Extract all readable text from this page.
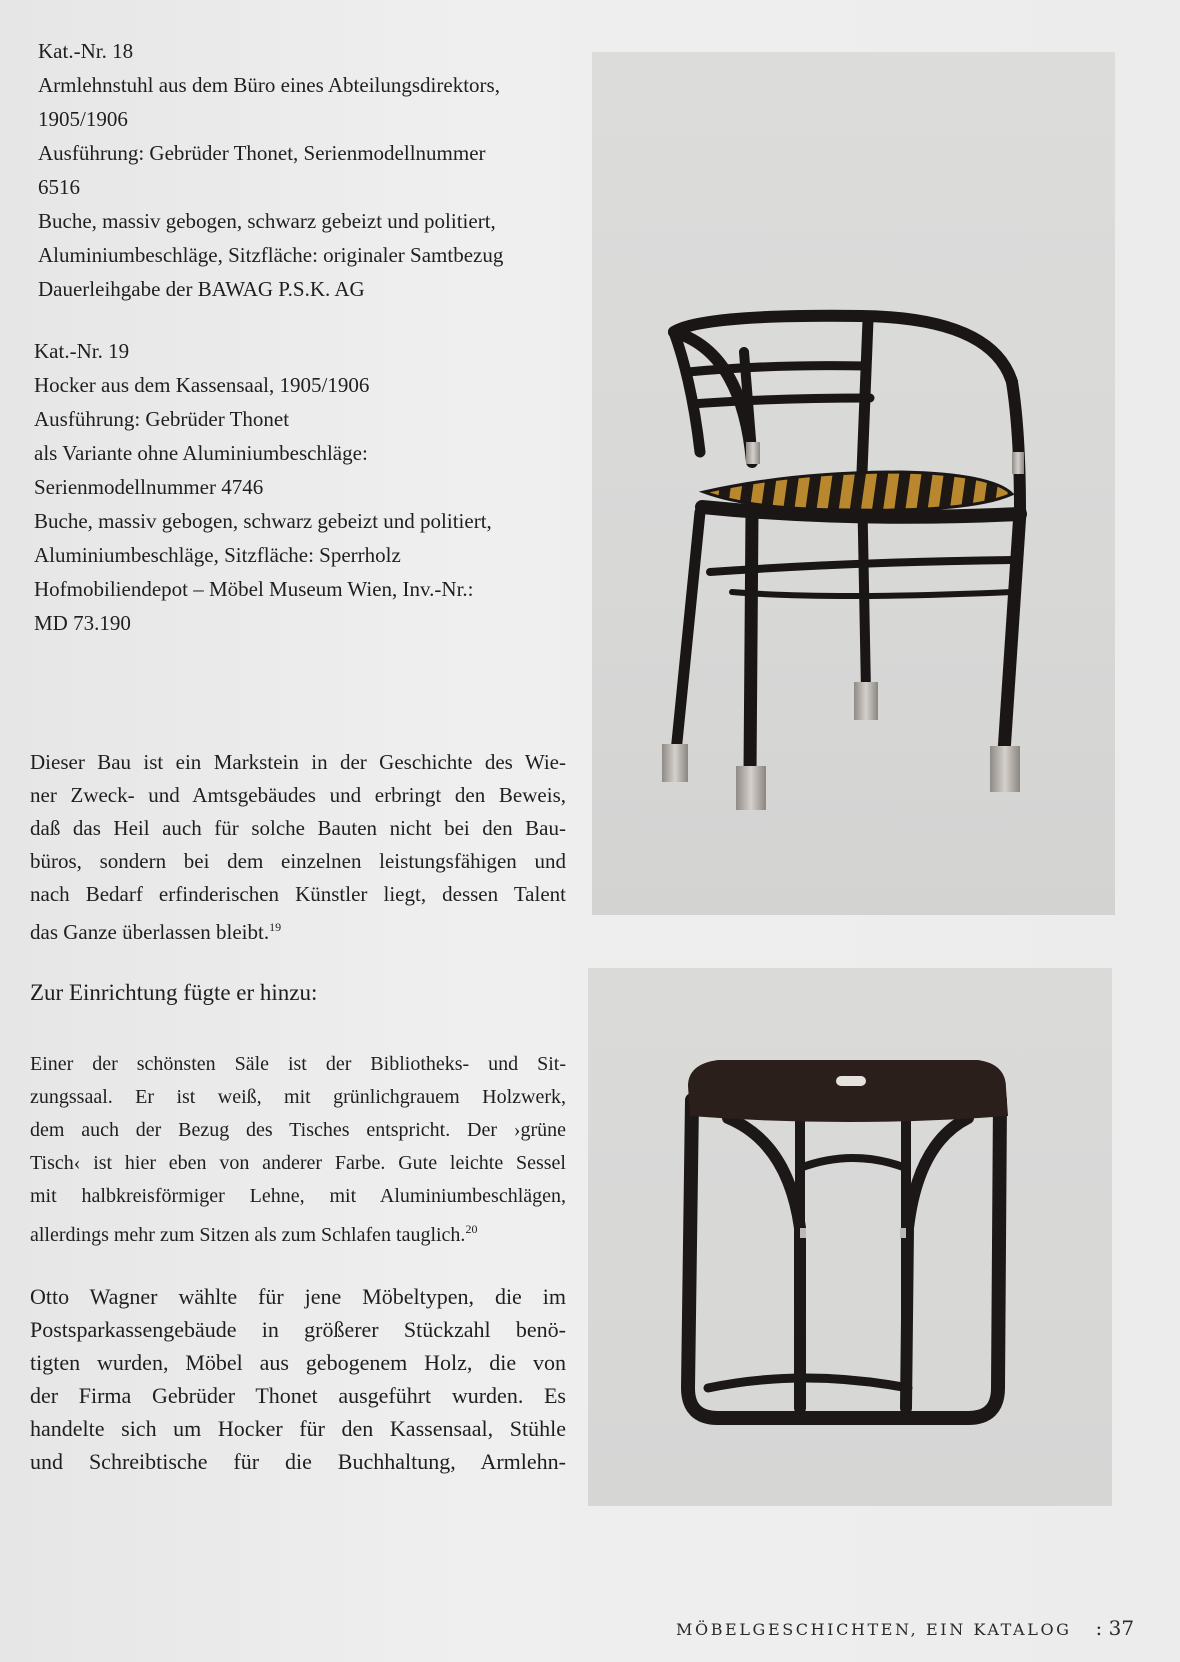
Kat.-Nr. 18
Armlehnstuhl aus dem Büro eines Abteilungsdirektors,
1905/1906
Ausführung: Gebrüder Thonet, Serienmodellnummer
6516
Buche, massiv gebogen, schwarz gebeizt und politiert,
Aluminiumbeschläge, Sitzfläche: originaler Samtbezug
Dauerleihgabe der BAWAG P.S.K. AG
Kat.-Nr. 19
Hocker aus dem Kassensaal, 1905/1906
Ausführung: Gebrüder Thonet
als Variante ohne Aluminiumbeschläge:
Serienmodellnummer 4746
Buche, massiv gebogen, schwarz gebeizt und politiert,
Aluminiumbeschläge, Sitzfläche: Sperrholz
Hofmobiliendepot – Möbel Museum Wien, Inv.-Nr.:
MD 73.190
Dieser Bau ist ein Markstein in der Geschichte des Wie-
ner Zweck- und Amtsgebäudes und erbringt den Beweis,
daß das Heil auch für solche Bauten nicht bei den Bau-
büros, sondern bei dem einzelnen leistungsfähigen und
nach Bedarf erfinderischen Künstler liegt, dessen Talent
das Ganze überlassen bleibt.$^{19}$
Zur Einrichtung fügte er hinzu:
Einer der schönsten Säle ist der Bibliotheks- und Sit-
zungssaal. Er ist weiß, mit grünlichgrauem Holzwerk,
dem auch der Bezug des Tisches entspricht. Der ›grüne
Tisch‹ ist hier eben von anderer Farbe. Gute leichte Sessel
mit halbkreisförmiger Lehne, mit Aluminiumbeschlägen,
allerdings mehr zum Sitzen als zum Schlafen tauglich.$^{20}$
Otto Wagner wählte für jene Möbeltypen, die im
Postsparkassengebäude in größerer Stückzahl benö-
tigten wurden, Möbel aus gebogenem Holz, die von
der Firma Gebrüder Thonet ausgeführt wurden. Es
handelte sich um Hocker für den Kassensaal, Stühle
und Schreibtische für die Buchhaltung, Armlehn-
MÖBELGESCHICHTEN, EIN KATALOG : 37
